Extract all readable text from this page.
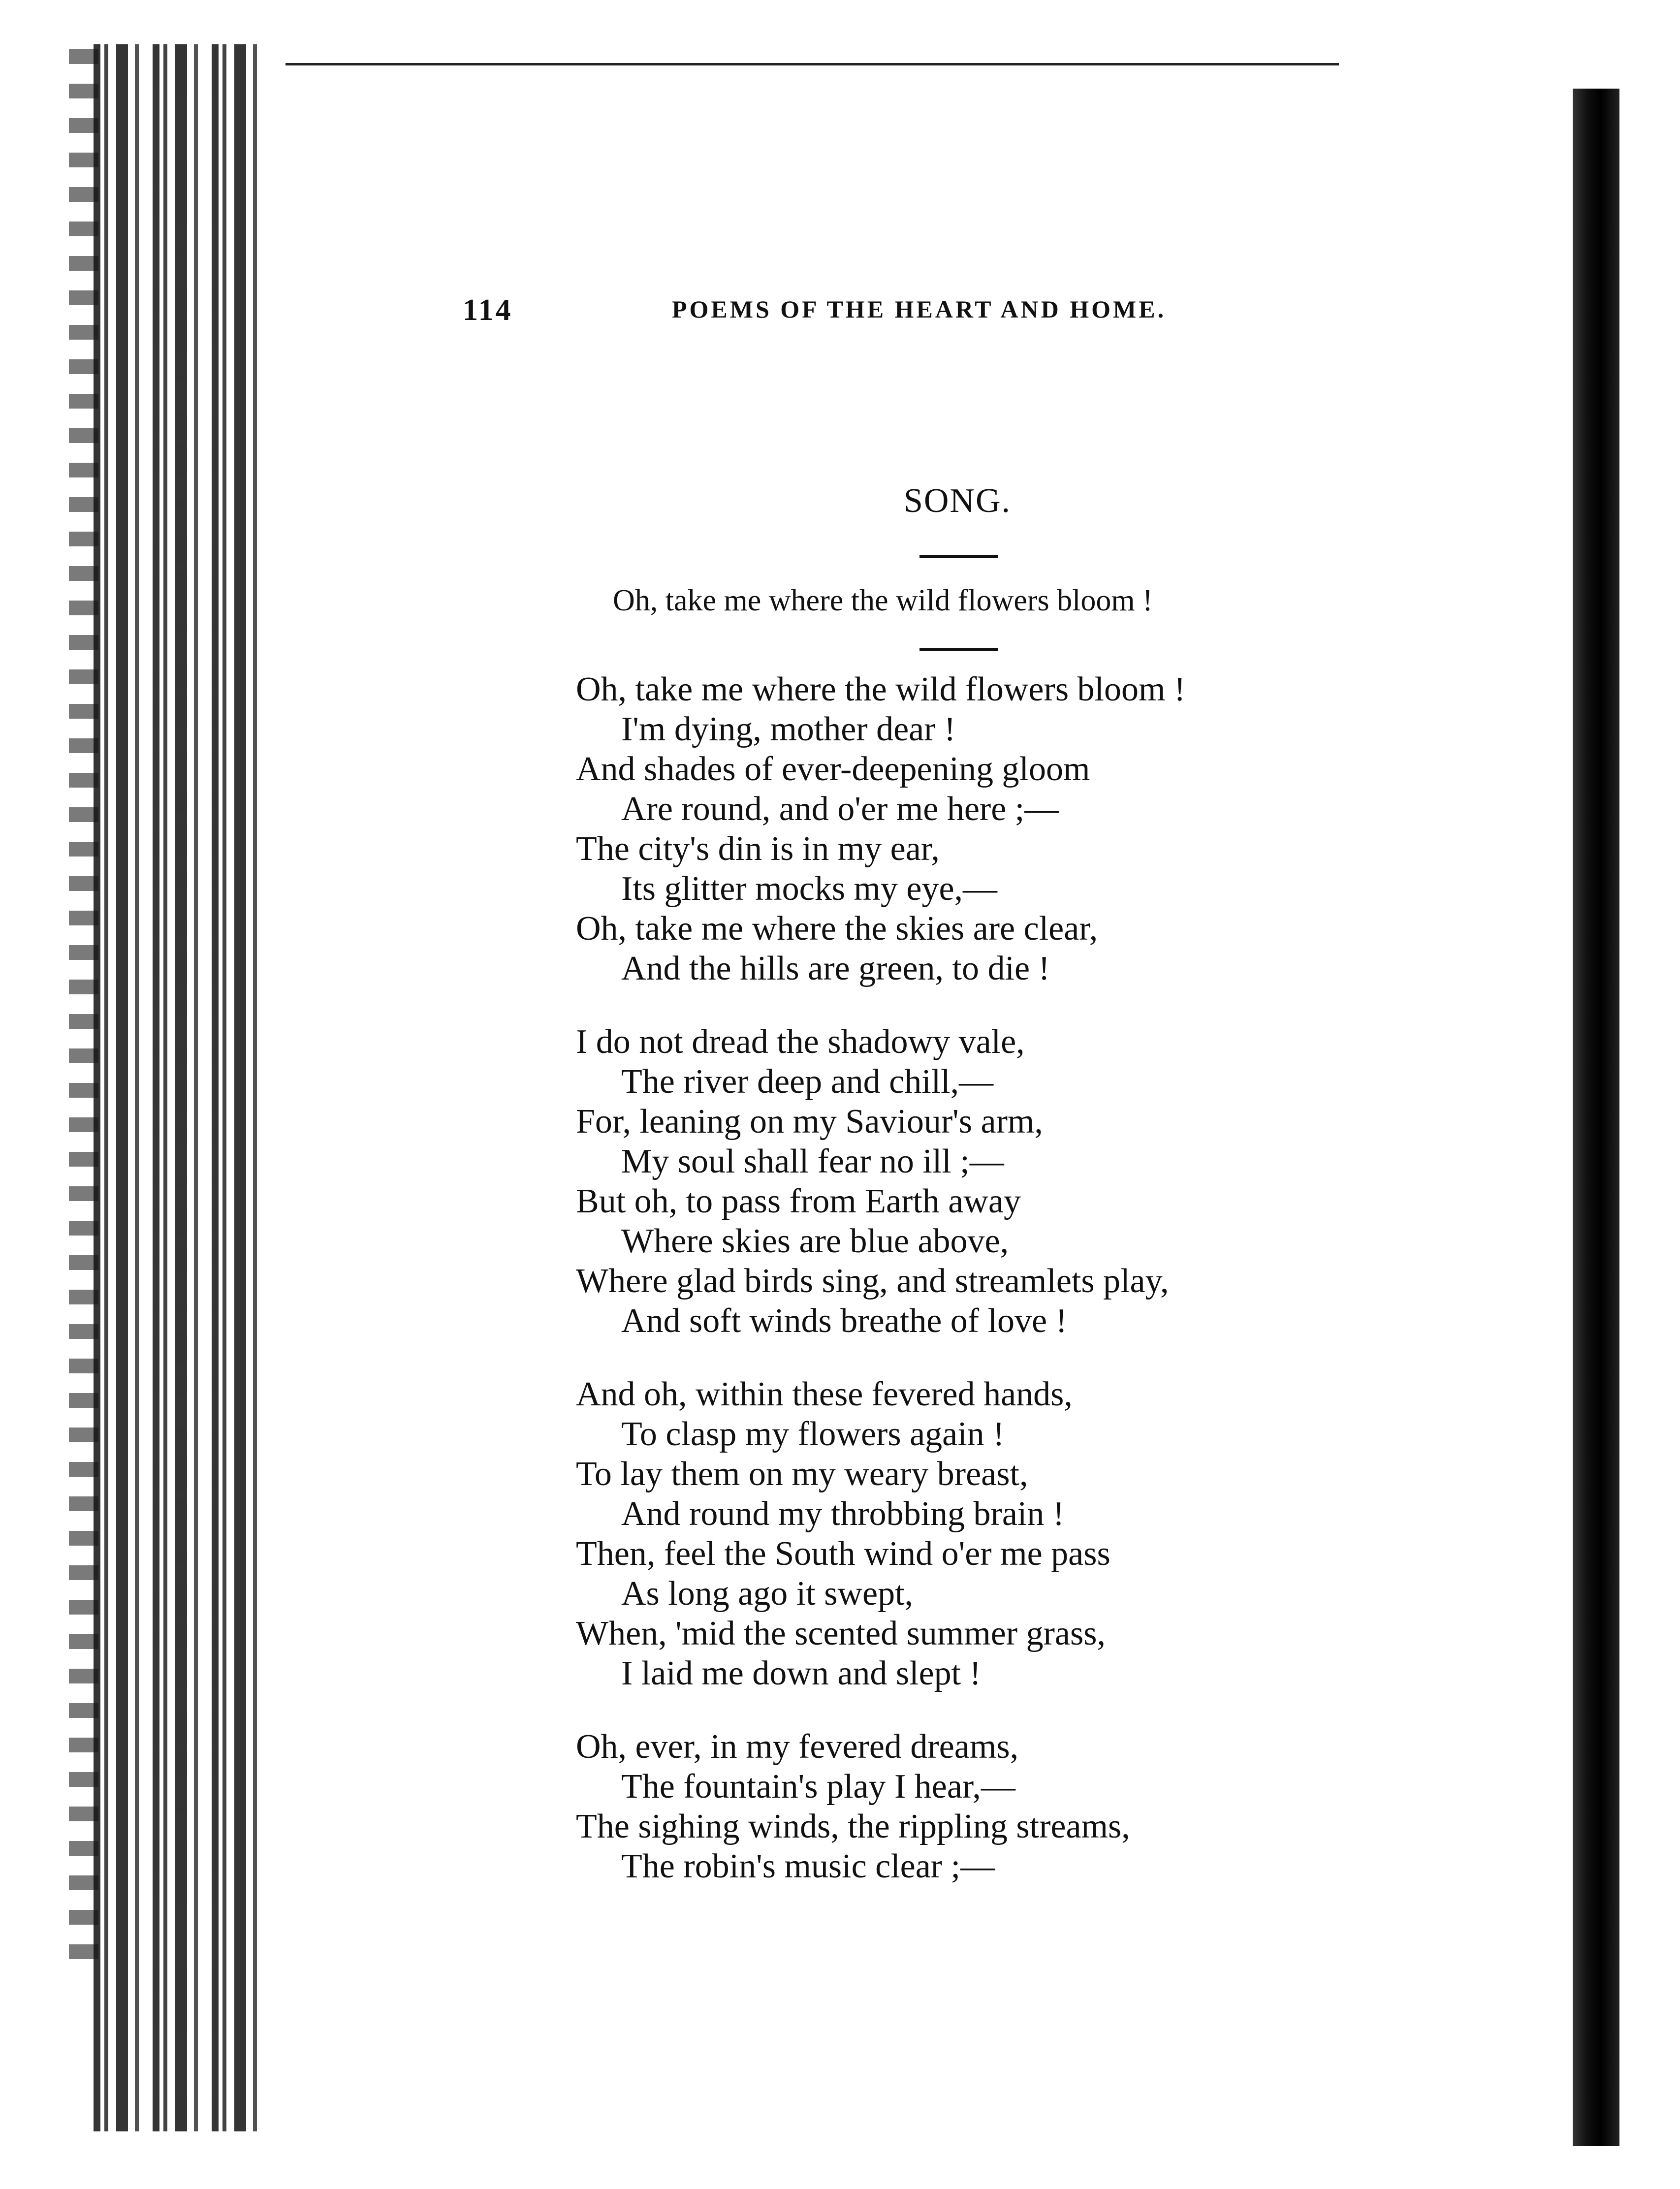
114	POEMS OF THE HEART AND HOME.
SONG.
Oh, take me where the wild flowers bloom !
Oh, take me where the wild flowers bloom !
I'm dying, mother dear !
And shades of ever-deepening gloom
Are round, and o'er me here ;—
The city's din is in my ear,
Its glitter mocks my eye,—
Oh, take me where the skies are clear,
And the hills are green, to die !
I do not dread the shadowy vale,
The river deep and chill,—
For, leaning on my Saviour's arm,
My soul shall fear no ill ;—
But oh, to pass from Earth away
Where skies are blue above,
Where glad birds sing, and streamlets play,
And soft winds breathe of love !
And oh, within these fevered hands,
To clasp my flowers again !
To lay them on my weary breast,
And round my throbbing brain !
Then, feel the South wind o'er me pass
As long ago it swept,
When, 'mid the scented summer grass,
I laid me down and slept !
Oh, ever, in my fevered dreams,
The fountain's play I hear,—
The sighing winds, the rippling streams,
The robin's music clear ;—
